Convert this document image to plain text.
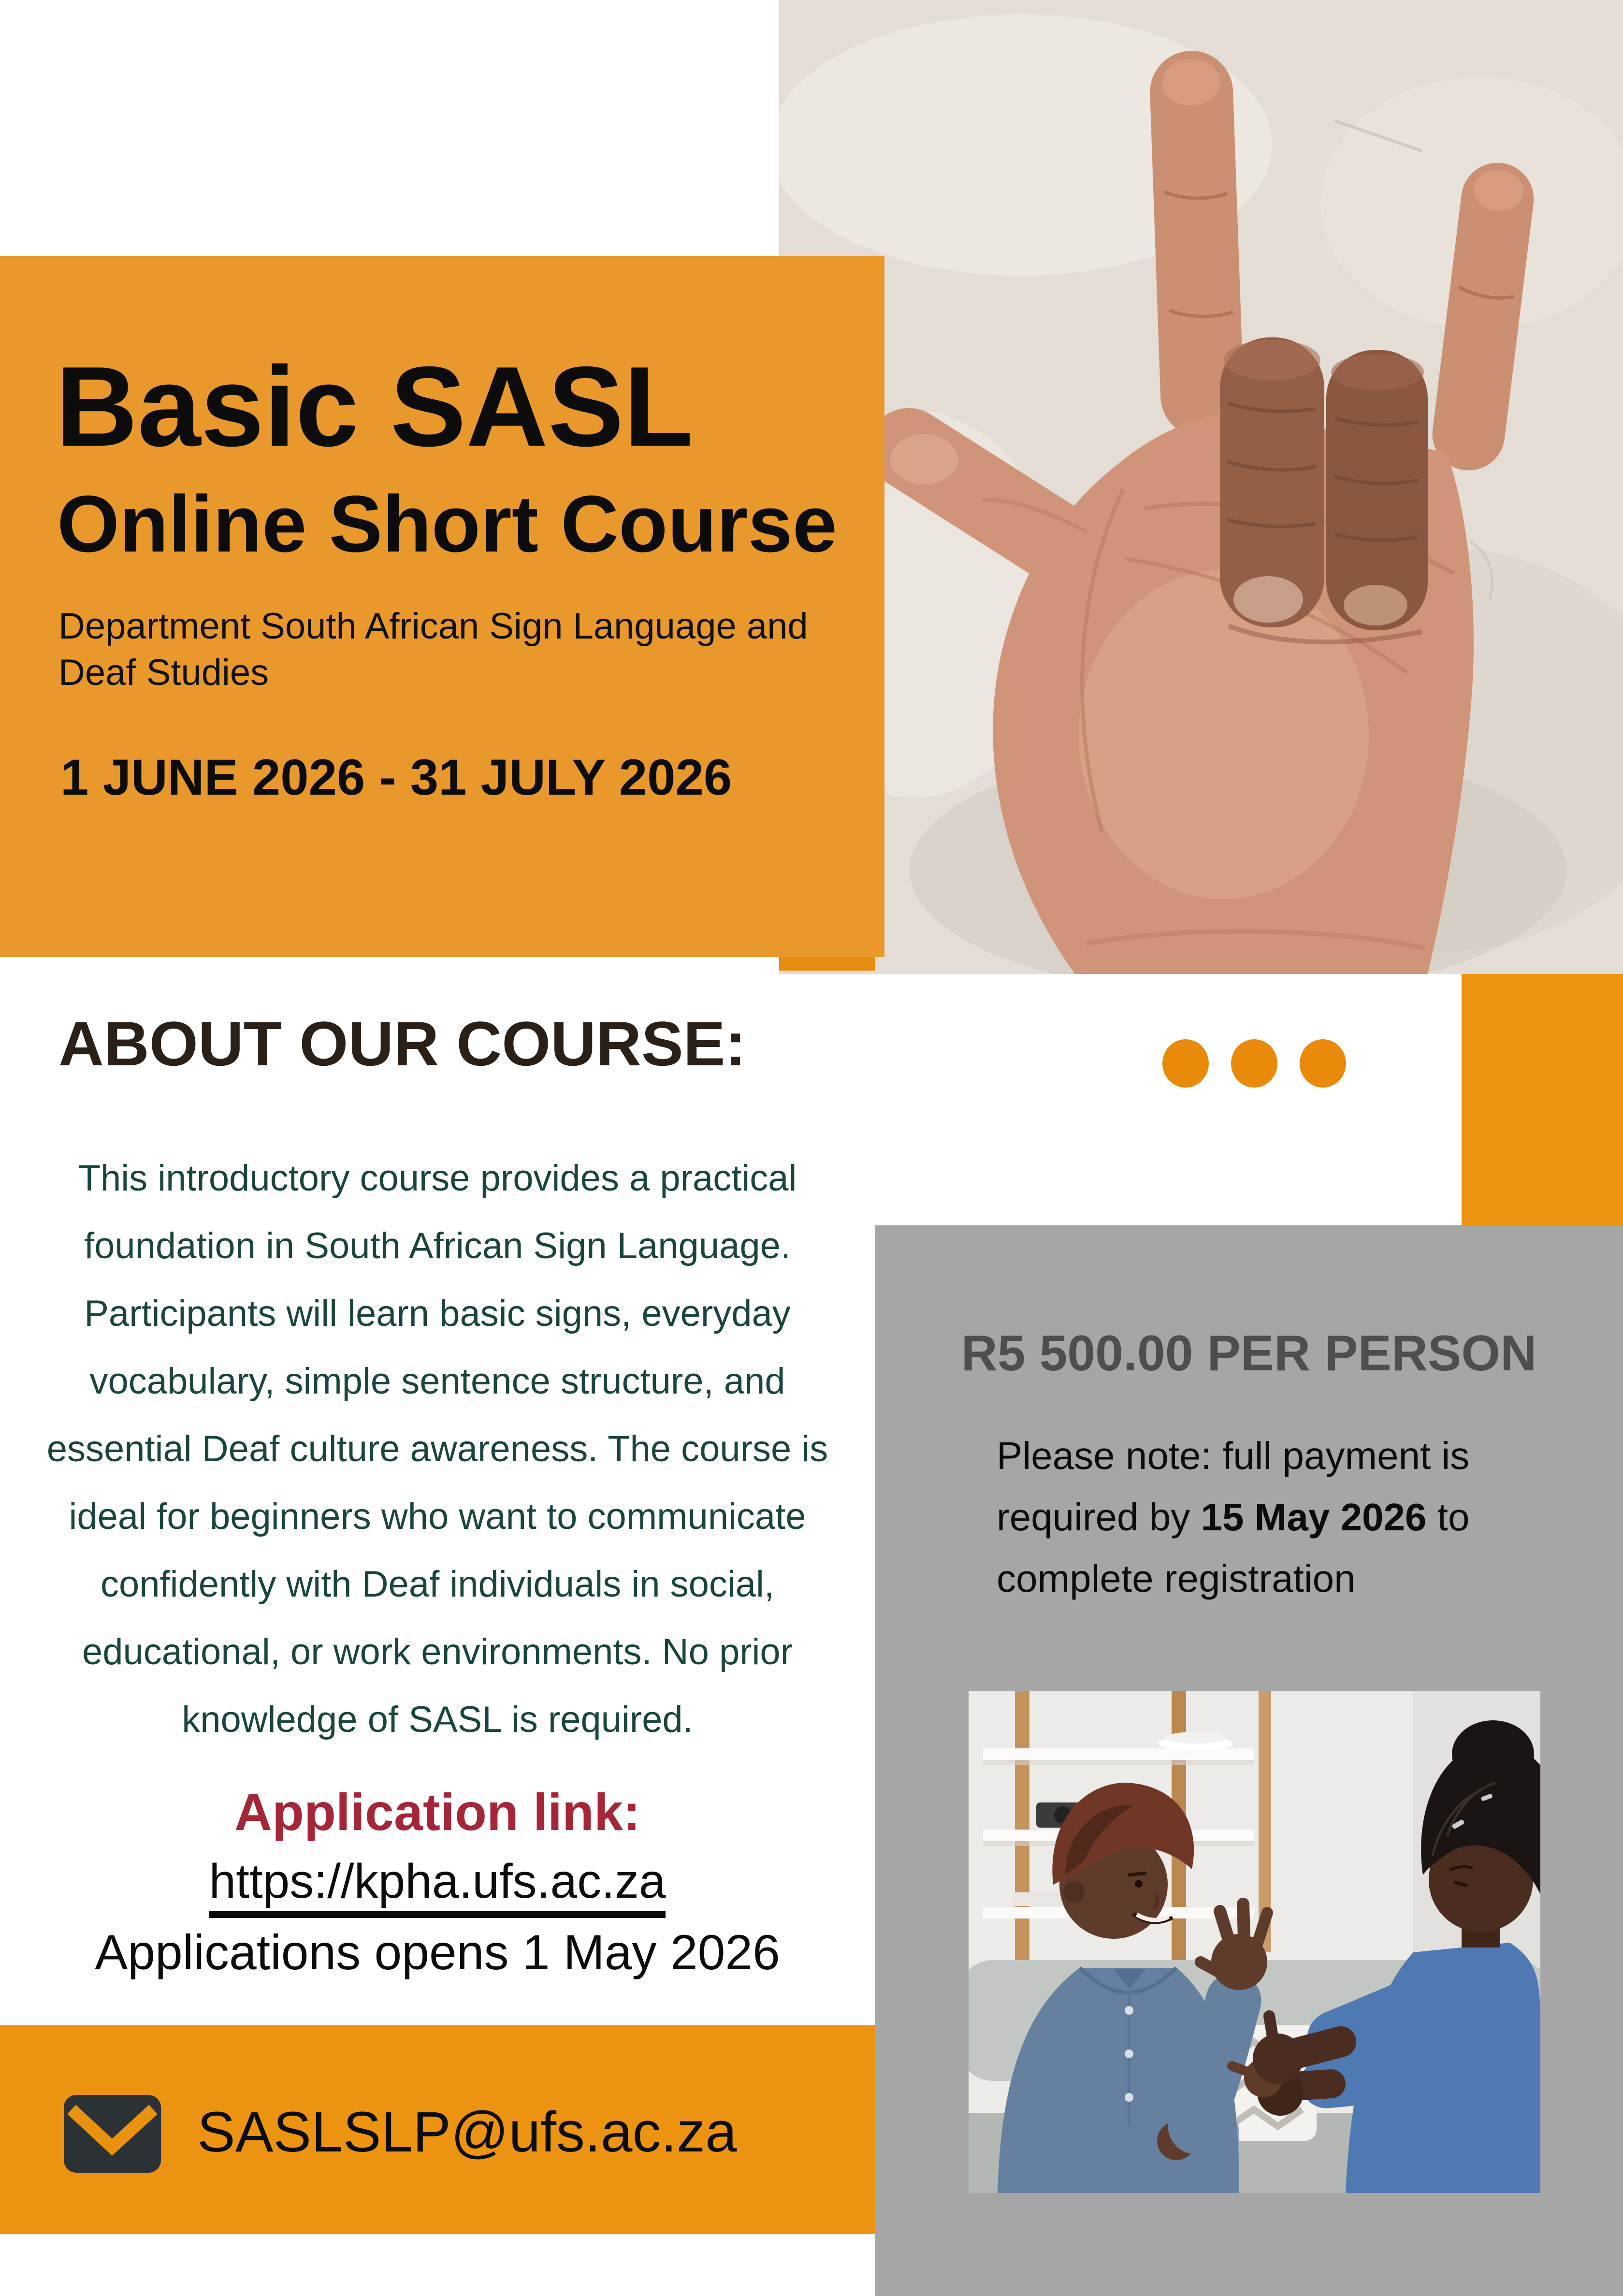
Basic SASL
Online Short Course
Department South African Sign Language and Deaf Studies
1 JUNE 2026 - 31 JULY 2026
R5 500.00 PER PERSON
Please note: full payment is required by 15 May 2026 to complete registration
ABOUT OUR COURSE:
This introductory course provides a practical
foundation in South African Sign Language.
Participants will learn basic signs, everyday
vocabulary, simple sentence structure, and
essential Deaf culture awareness. The course is
ideal for beginners who want to communicate
confidently with Deaf individuals in social,
educational, or work environments. No prior
knowledge of SASL is required.
Application link:
https://kpha.ufs.ac.za
Applications opens 1 May 2026
SASLSLP@ufs.ac.za
